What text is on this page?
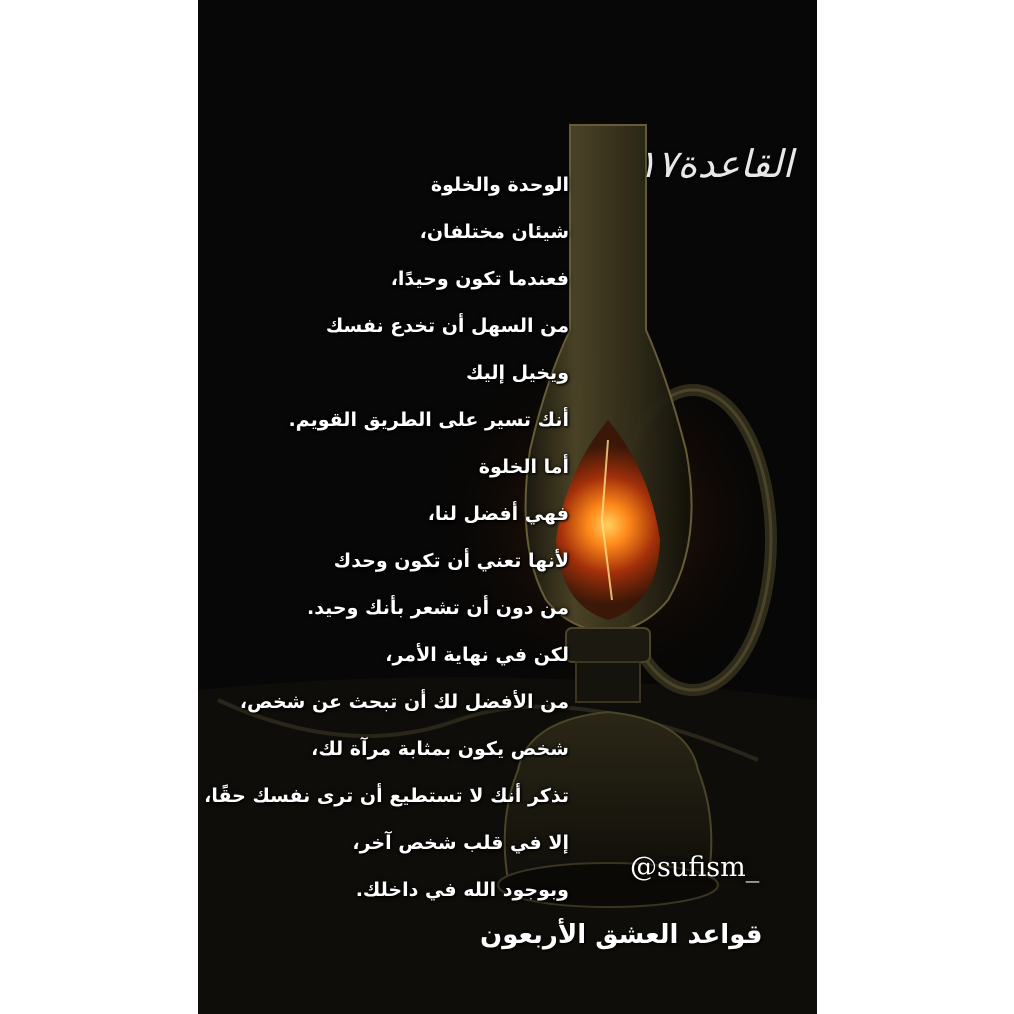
القاعدة١٧
الوحدة والخلوة
شيئان مختلفان،
فعندما تكون وحيدًا،
من السهل أن تخدع نفسك
ويخيل إليك
أنك تسير على الطريق القويم.
أما الخلوة
فهي أفضل لنا،
لأنها تعني أن تكون وحدك
من دون أن تشعر بأنك وحيد.
لكن في نهاية الأمر،
من الأفضل لك أن تبحث عن شخص،
شخص يكون بمثابة مرآة لك،
تذكر أنك لا تستطيع أن ترى نفسك حقًا،
إلا في قلب شخص آخر،
وبوجود الله في داخلك.
@sufism_
قواعد العشق الأربعون
